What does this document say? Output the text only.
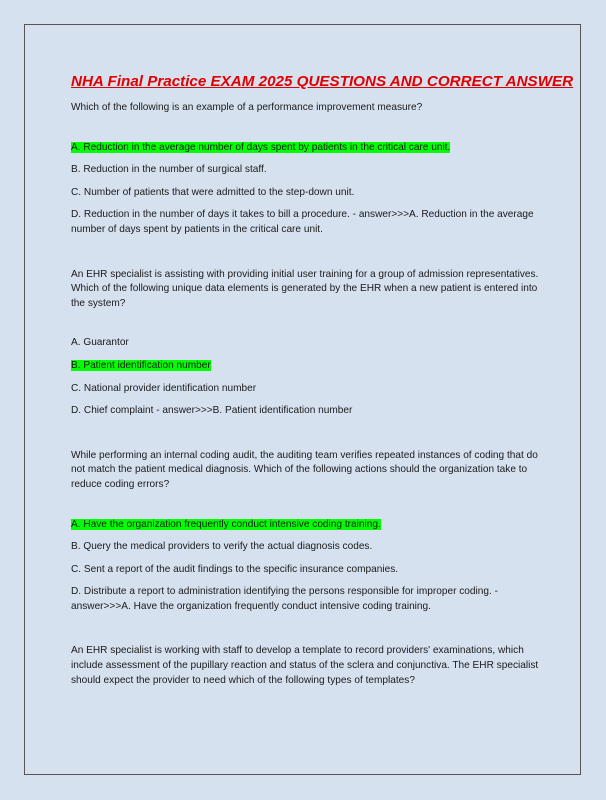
NHA Final Practice EXAM 2025 QUESTIONS AND CORRECT ANSWER

Which of the following is an example of a performance improvement measure?

A. Reduction in the average number of days spent by patients in the critical care unit.

B. Reduction in the number of surgical staff.

C. Number of patients that were admitted to the step-down unit.

D. Reduction in the number of days it takes to bill a procedure. - answer>>>A. Reduction in the average number of days spent by patients in the critical care unit.

An EHR specialist is assisting with providing initial user training for a group of admission representatives. Which of the following unique data elements is generated by the EHR when a new patient is entered into the system?

A. Guarantor

B. Patient identification number

C. National provider identification number

D. Chief complaint - answer>>>B. Patient identification number

While performing an internal coding audit, the auditing team verifies repeated instances of coding that do not match the patient medical diagnosis. Which of the following actions should the organization take to reduce coding errors?

A. Have the organization frequently conduct intensive coding training.

B. Query the medical providers to verify the actual diagnosis codes.

C. Sent a report of the audit findings to the specific insurance companies.

D. Distribute a report to administration identifying the persons responsible for improper coding. - answer>>>A. Have the organization frequently conduct intensive coding training.

An EHR specialist is working with staff to develop a template to record providers' examinations, which include assessment of the pupillary reaction and status of the sclera and conjunctiva. The EHR specialist should expect the provider to need which of the following types of templates?
